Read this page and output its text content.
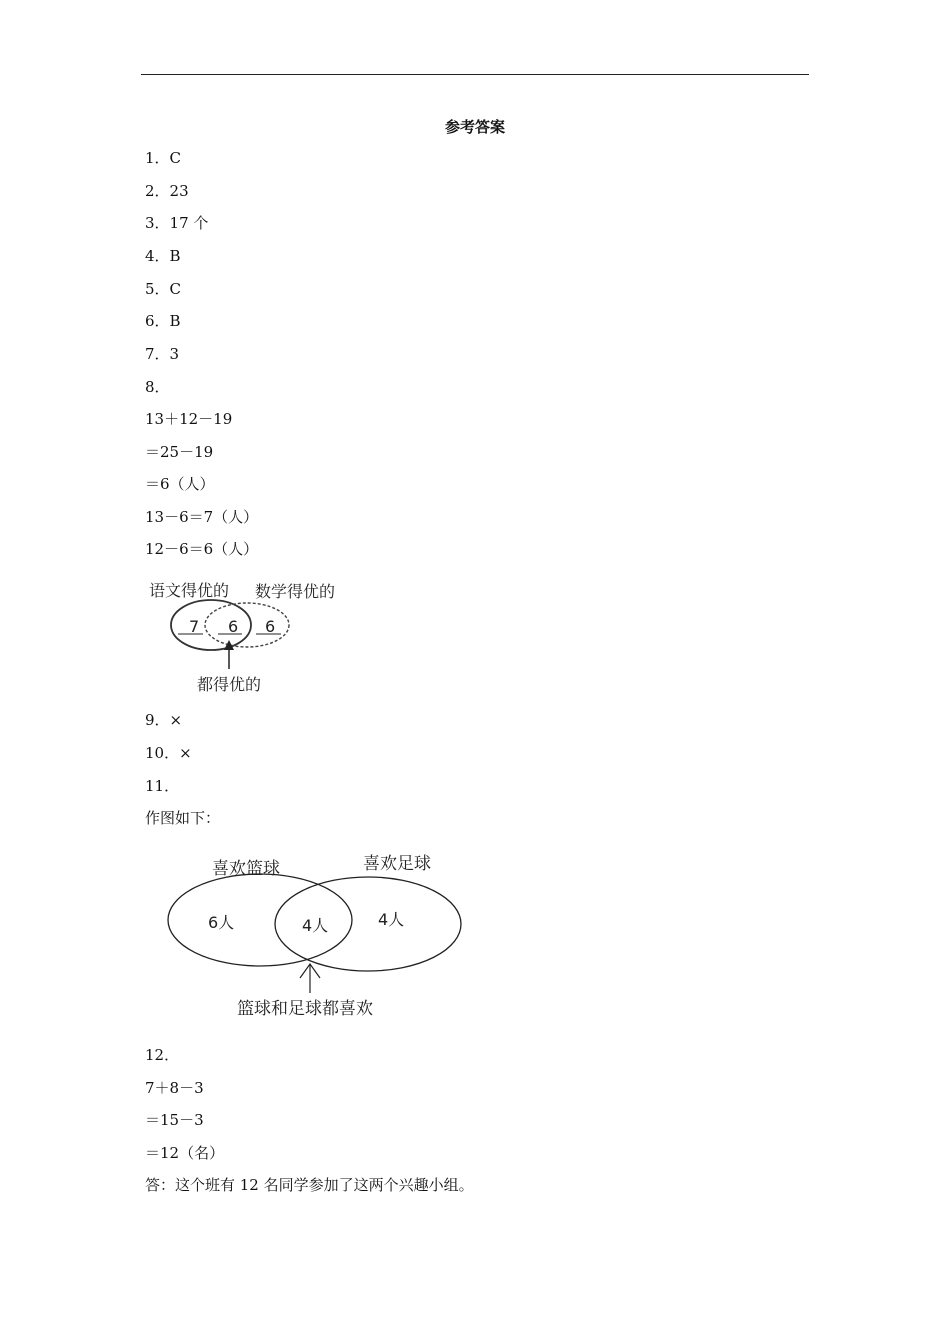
参考答案
1．C
2．23
3．17 个
4．B
5．C
6．B
7．3
8．
13＋12－19
＝25－19
＝6（人）
13－6＝7（人）
12－6＝6（人）
语文得优的 数学得优的
7 6 6
都得优的
9．×
10．×
11．
作图如下：
喜欢篮球	喜欢足球
6人	4人	4人
篮球和足球都喜欢
12．
7＋8－3
＝15－3
＝12（名）
答：这个班有 12 名同学参加了这两个兴趣小组。
